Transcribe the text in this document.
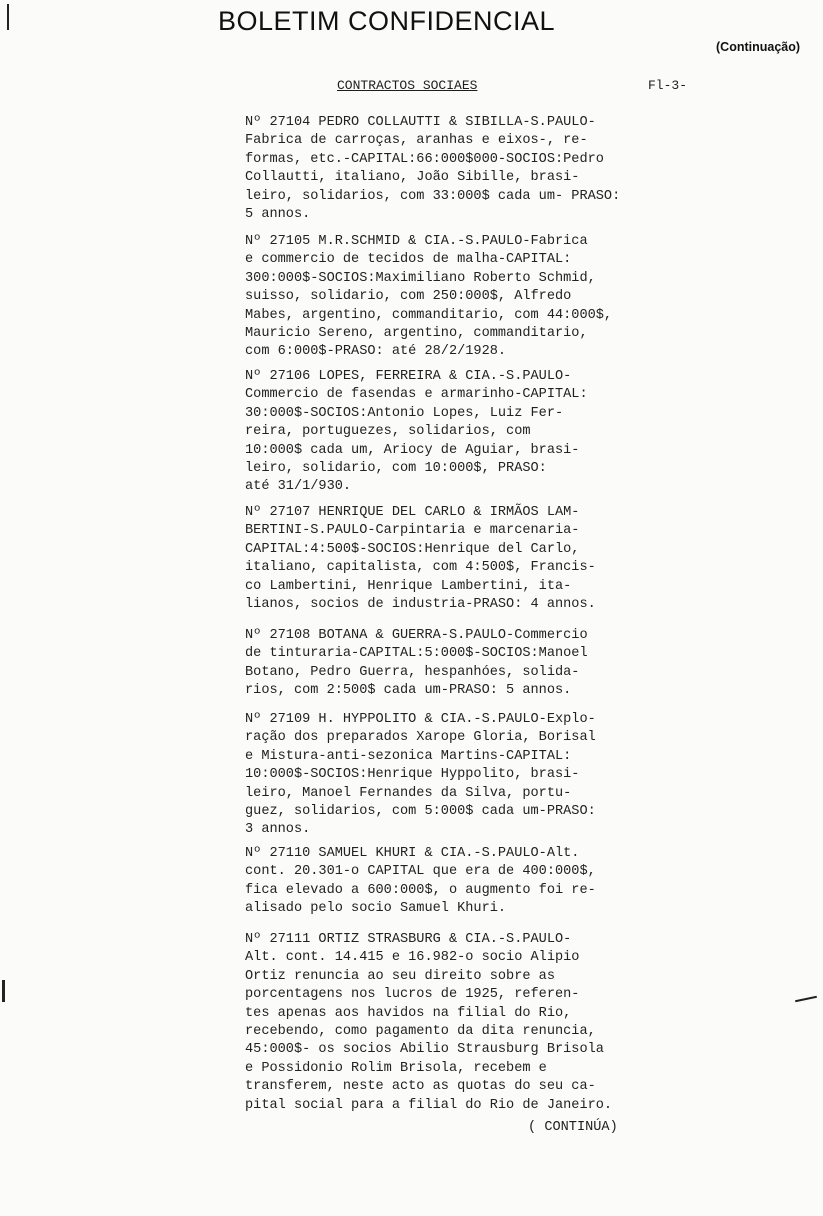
BOLETIM CONFIDENCIAL
(Continuação)
CONTRACTOS SOCIAES	Fl-3-
Nº 27104 PEDRO COLLAUTTI & SIBILLA-S.PAULO-
Fabrica de carroças, aranhas e eixos-, re-
formas, etc.-CAPITAL:66:000$000-SOCIOS:Pedro
Collautti, italiano, João Sibille, brasi-
leiro, solidarios, com 33:000$ cada um- PRASO:
5 annos.
Nº 27105 M.R.SCHMID & CIA.-S.PAULO-Fabrica
e commercio de tecidos de malha-CAPITAL:
300:000$-SOCIOS:Maximiliano Roberto Schmid,
suisso, solidario, com 250:000$, Alfredo
Mabes, argentino, commanditario, com 44:000$,
Mauricio Sereno, argentino, commanditario,
com 6:000$-PRASO: até 28/2/1928.
Nº 27106 LOPES, FERREIRA & CIA.-S.PAULO-
Commercio de fasendas e armarinho-CAPITAL:
30:000$-SOCIOS:Antonio Lopes, Luiz Fer-
reira, portuguezes, solidarios, com
10:000$ cada um, Ariocy de Aguiar, brasi-
leiro, solidario, com 10:000$, PRASO:
até 31/1/930.
Nº 27107 HENRIQUE DEL CARLO & IRMÃOS LAM-
BERTINI-S.PAULO-Carpintaria e marcenaria-
CAPITAL:4:500$-SOCIOS:Henrique del Carlo,
italiano, capitalista, com 4:500$, Francis-
co Lambertini, Henrique Lambertini, ita-
lianos, socios de industria-PRASO: 4 annos.
Nº 27108 BOTANA & GUERRA-S.PAULO-Commercio
de tinturaria-CAPITAL:5:000$-SOCIOS:Manoel
Botano, Pedro Guerra, hespanhóes, solida-
rios, com 2:500$ cada um-PRASO: 5 annos.
Nº 27109 H. HYPPOLITO & CIA.-S.PAULO-Explo-
ração dos preparados Xarope Gloria, Borisal
e Mistura-anti-sezonica Martins-CAPITAL:
10:000$-SOCIOS:Henrique Hyppolito, brasi-
leiro, Manoel Fernandes da Silva, portu-
guez, solidarios, com 5:000$ cada um-PRASO:
3 annos.
Nº 27110 SAMUEL KHURI & CIA.-S.PAULO-Alt.
cont. 20.301-o CAPITAL que era de 400:000$,
fica elevado a 600:000$, o augmento foi re-
alisado pelo socio Samuel Khuri.
Nº 27111 ORTIZ STRASBURG & CIA.-S.PAULO-
Alt. cont. 14.415 e 16.982-o socio Alipio
Ortiz renuncia ao seu direito sobre as
porcentagens nos lucros de 1925, referen-
tes apenas aos havidos na filial do Rio,
recebendo, como pagamento da dita renuncia,
45:000$- os socios Abilio Strausburg Brisola
e Possidonio Rolim Brisola, recebem e
transferem, neste acto as quotas do seu ca-
pital social para a filial do Rio de Janeiro.
( CONTINÚA)
